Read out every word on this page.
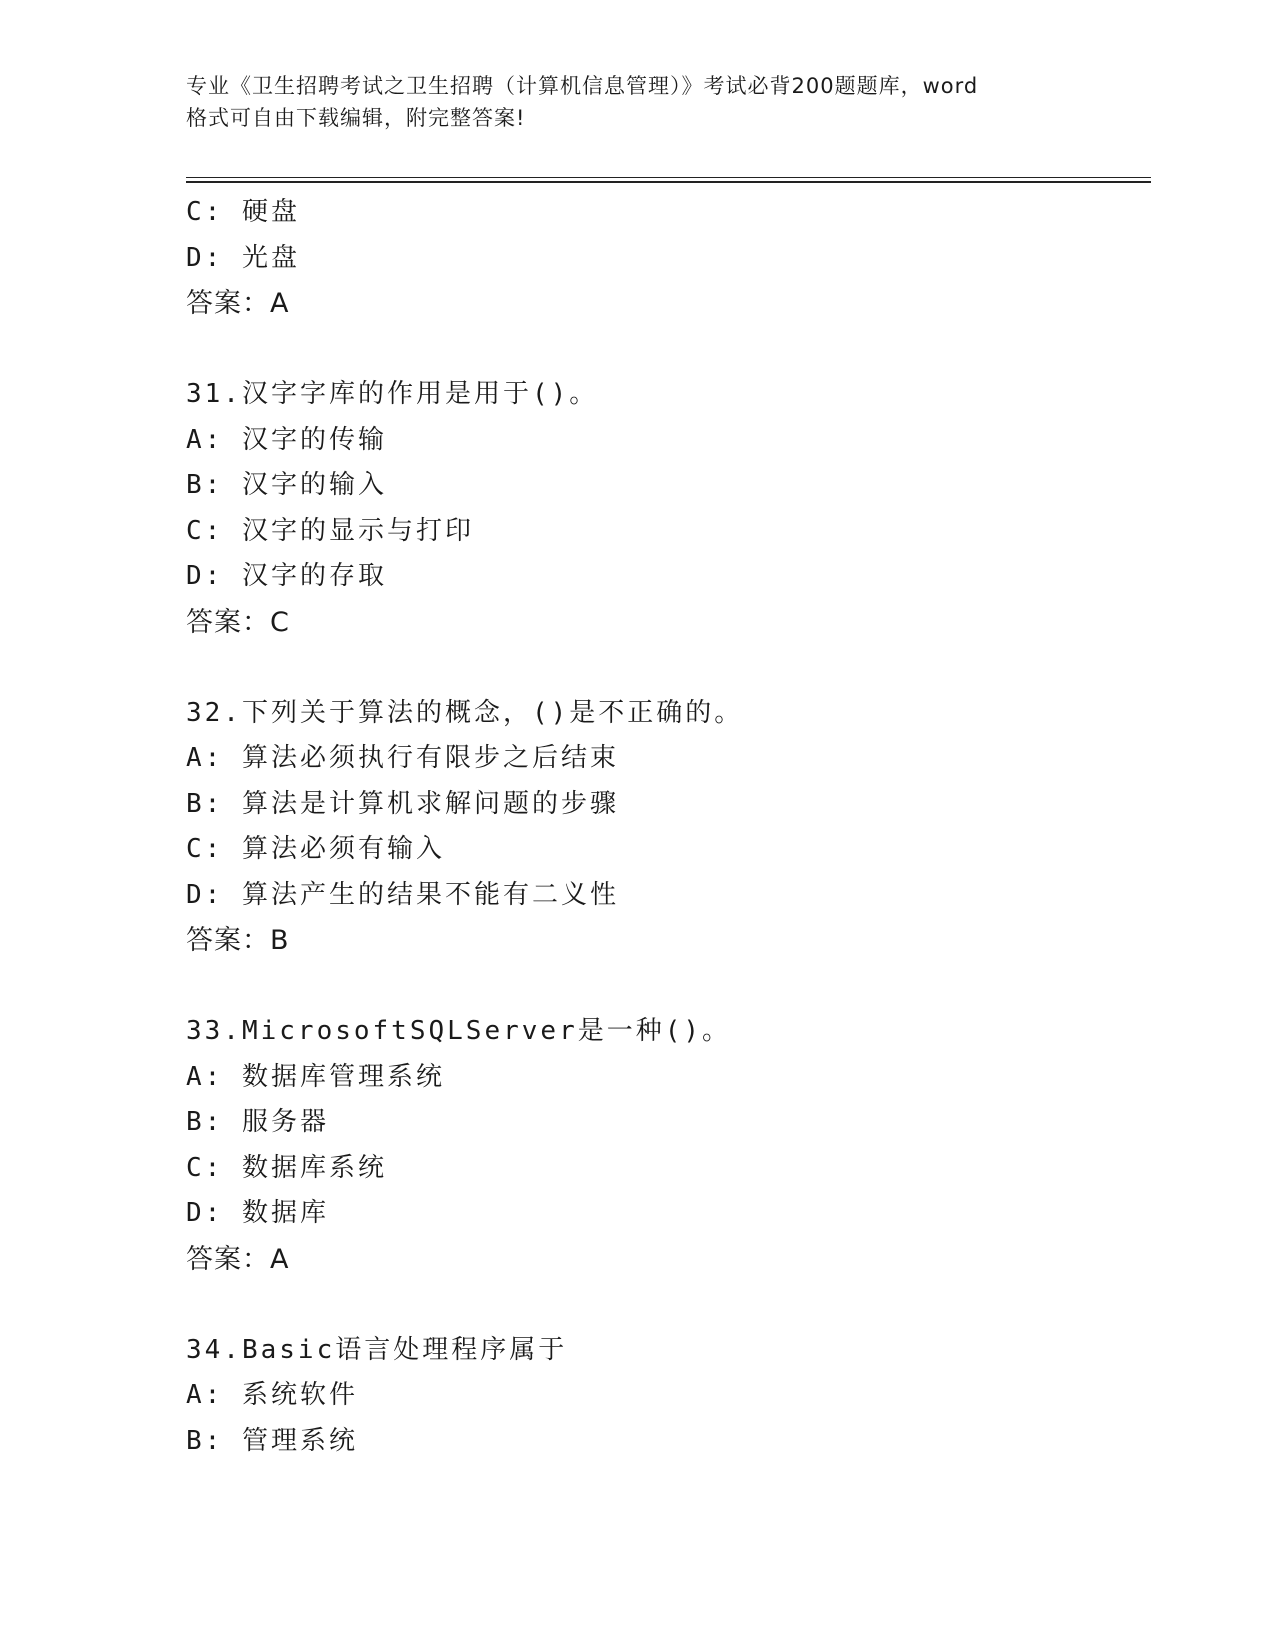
专业《卫生招聘考试之卫生招聘（计算机信息管理）》考试必背200题题库，word
格式可自由下载编辑，附完整答案!
C: 硬盘
D: 光盘
答案：A
31.汉字字库的作用是用于()。
A: 汉字的传输
B: 汉字的输入
C: 汉字的显示与打印
D: 汉字的存取
答案：C
32.下列关于算法的概念，()是不正确的。
A: 算法必须执行有限步之后结束
B: 算法是计算机求解问题的步骤
C: 算法必须有输入
D: 算法产生的结果不能有二义性
答案：B
33.MicrosoftSQLServer是一种()。
A: 数据库管理系统
B: 服务器
C: 数据库系统
D: 数据库
答案：A
34.Basic语言处理程序属于
A: 系统软件
B: 管理系统
